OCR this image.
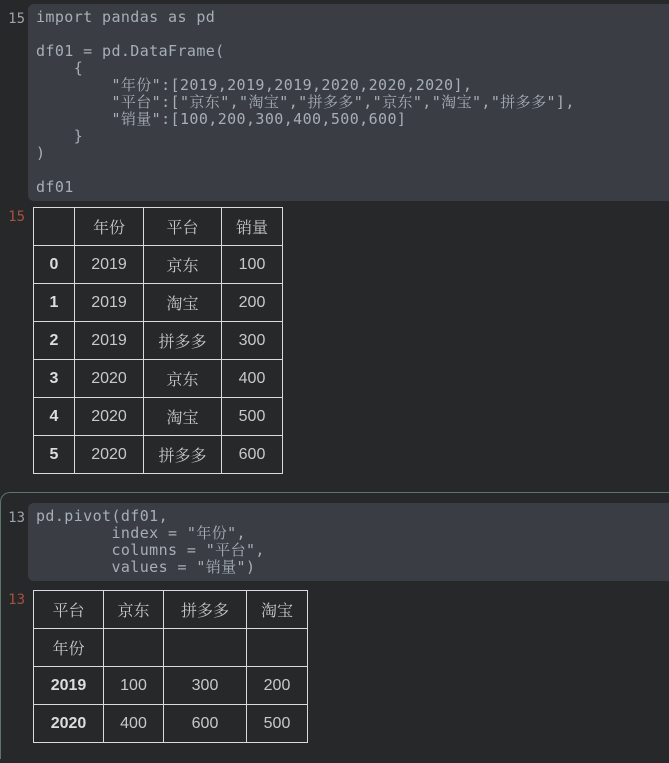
15 import pandas as pd
df01 = pd.DataFrame(
{
"年份":[2019,2019,2019,2020,2020,2020],
"平台":["京东","淘宝","拼多多","京东","淘宝","拼多多"],
"销量":[100,200,300,400,500,600]
}
)
df01
15
	年份	平台	销量
0	2019	京东	100
1	2019	淘宝	200
2	2019	拼多多	300
3	2020	京东	400
4	2020	淘宝	500
5	2020	拼多多	600
13 pd.pivot(df01,
index = "年份",
columns = "平台",
values = "销量")
13
平台	京东	拼多多	淘宝
年份			
2019	100	300	200
2020	400	600	500
